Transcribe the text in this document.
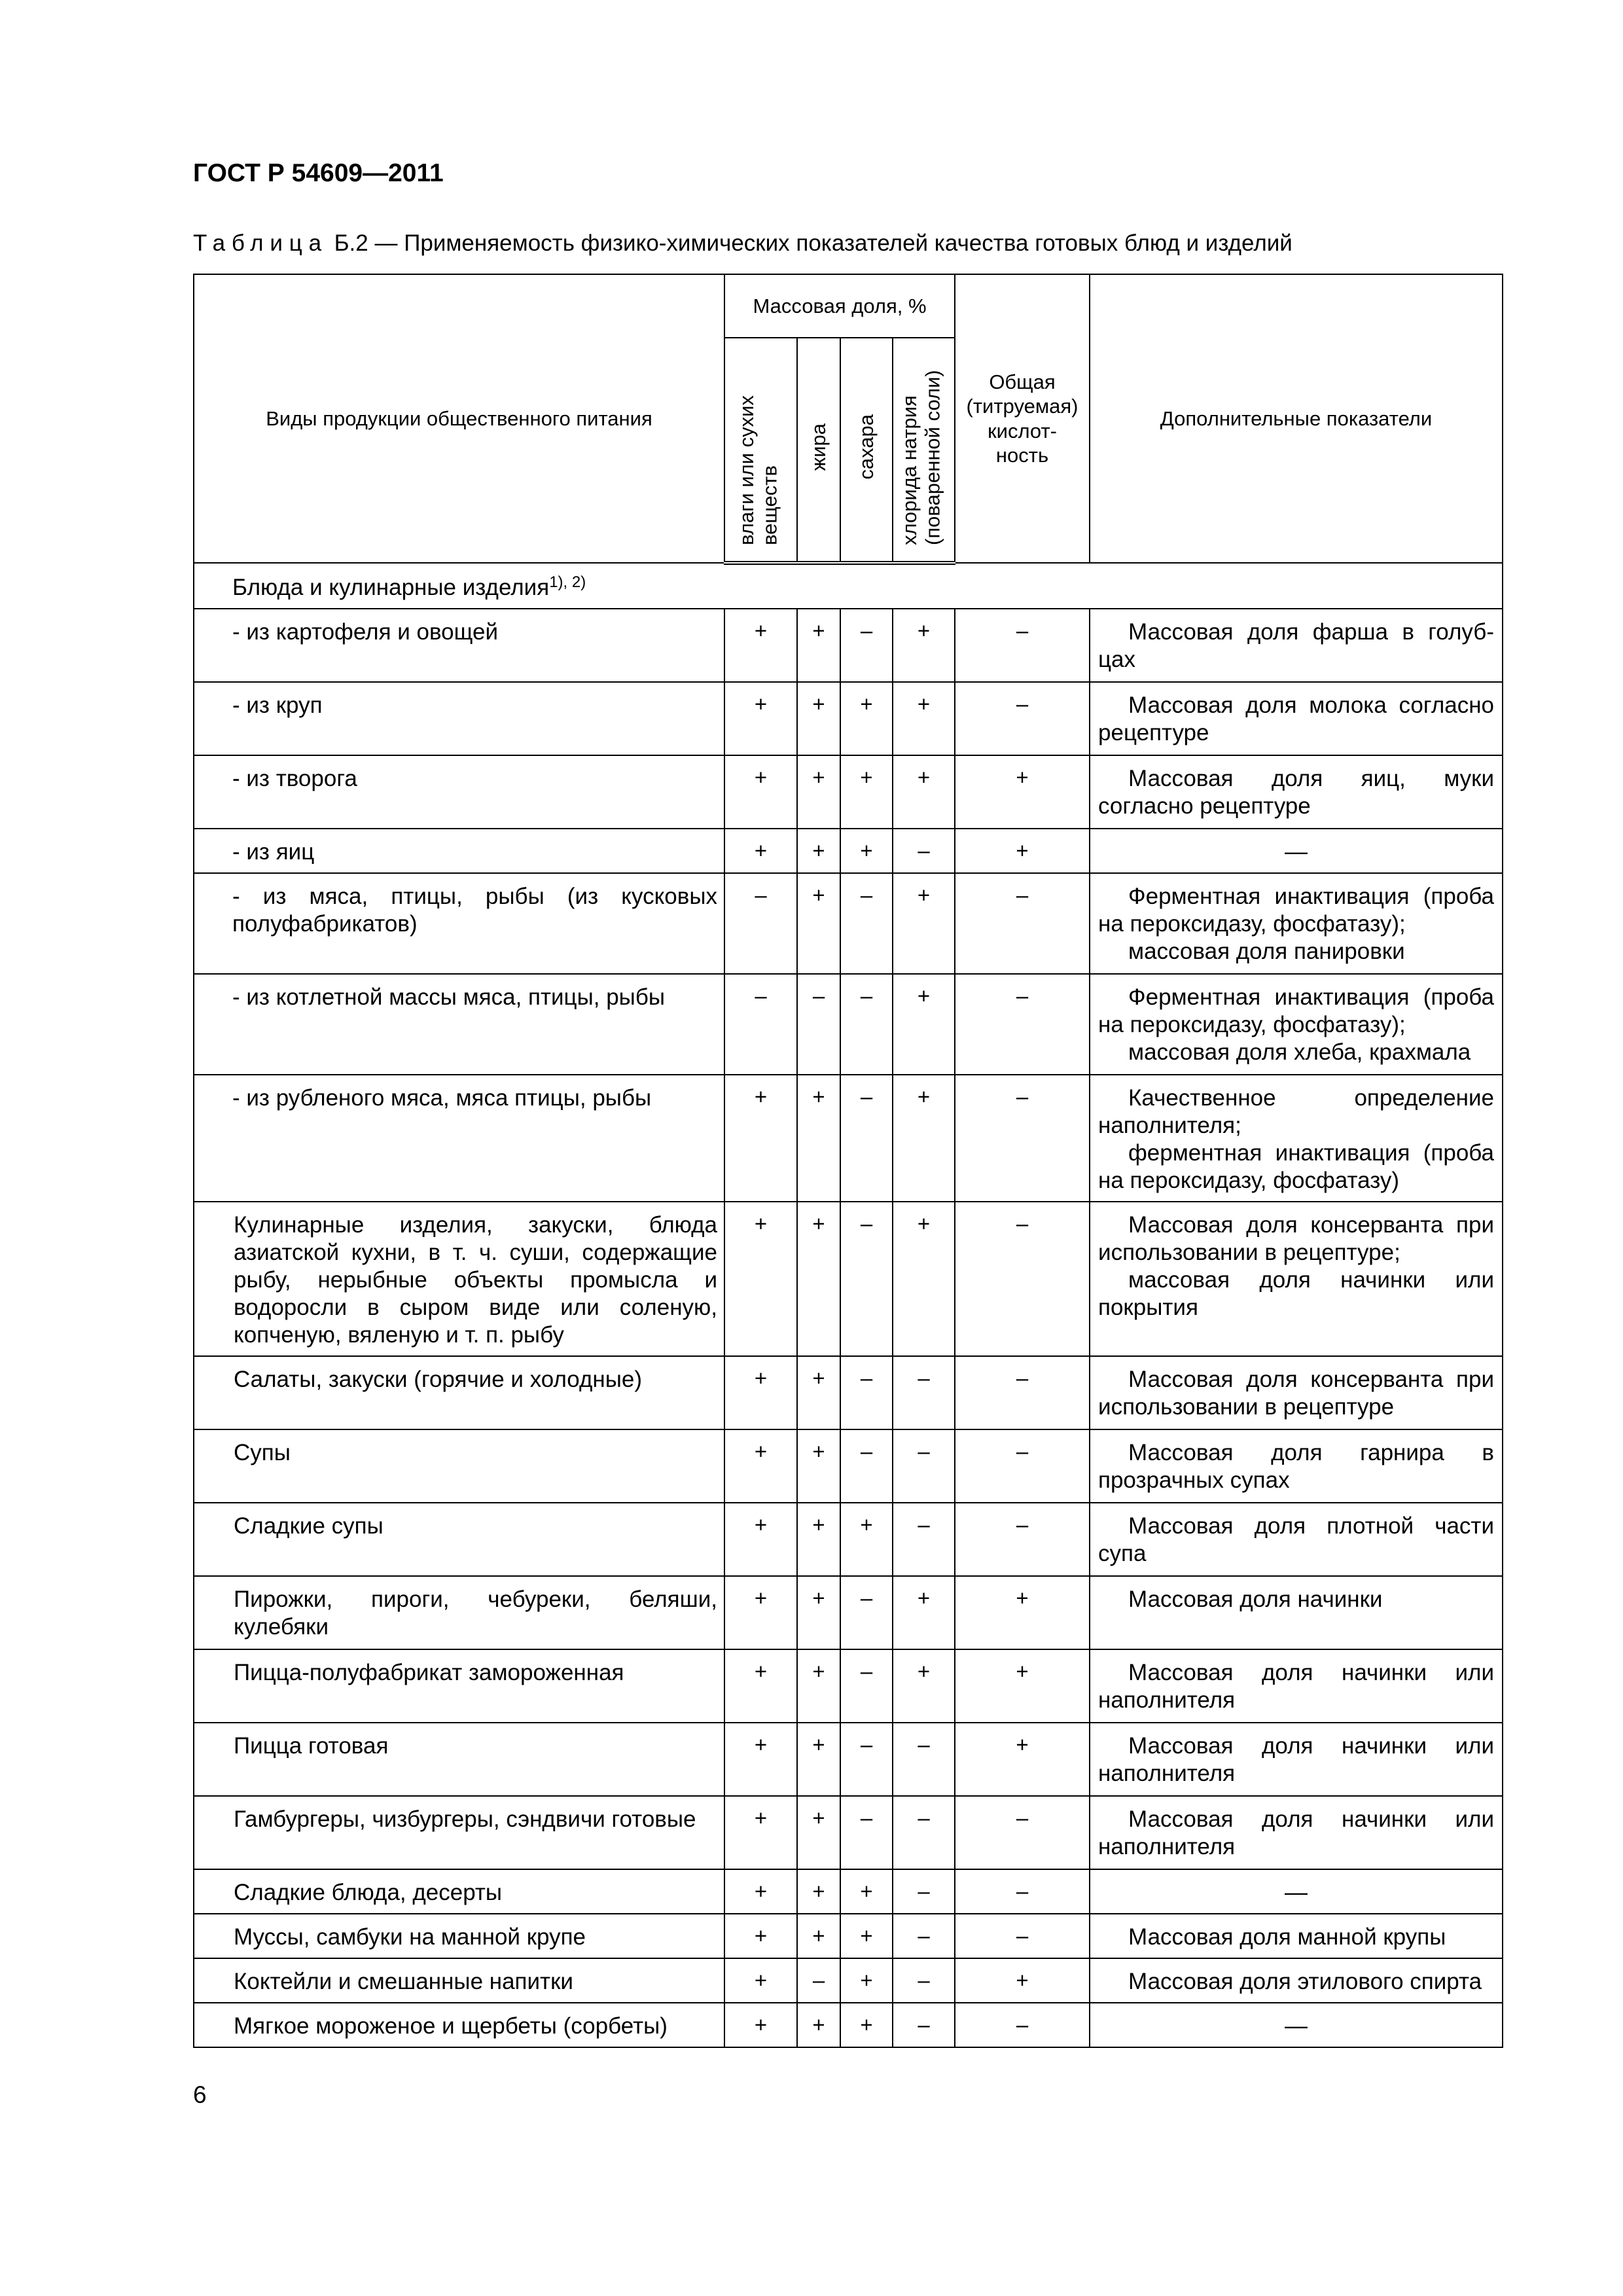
ГОСТ Р 54609—2011
Таблица Б.2 — Применяемость физико-химических показателей качества готовых блюд и изделий
Виды продукции общественного питания	Массовая доля, %				Общая (титруемая) кислот-ность	Дополнительные показатели
	влаги или сухих веществ	жира	сахара	хлорида натрия (поваренной соли)		
Блюда и кулинарные изделия$^{1), 2)}$
- из картофеля и овощей	+	+	–	+	–	Массовая доля фарша в голуб-цах

- из круп	+	+	+	+	–	Массовая доля молока согласно рецептуре

- из творога	+	+	+	+	+	Массовая доля яиц, муки согласно рецептуре

- из яиц	+	+	+	–	+	—

- из мяса, птицы, рыбы (из кусковых полуфабрикатов)	–	+	–	+	–	Ферментная инактивация (проба на пероксидазу, фосфатазу);
массовая доля панировки

- из котлетной массы мяса, птицы, рыбы	–	–	–	+	–	Ферментная инактивация (проба на пероксидазу, фосфатазу);
массовая доля хлеба, крахмала

- из рубленого мяса, мяса птицы, рыбы	+	+	–	+	–	Качественное определение наполнителя;
ферментная инактивация (проба на пероксидазу, фосфатазу)

Кулинарные изделия, закуски, блюда азиатской кухни, в т. ч. суши, содержащие рыбу, нерыбные объекты промысла и водоросли в сыром виде или соленую, копченую, вяленую и т. п. рыбу	+	+	–	+	–	Массовая доля консерванта при использовании в рецептуре;
массовая доля начинки или покрытия

Салаты, закуски (горячие и холодные)	+	+	–	–	–	Массовая доля консерванта при использовании в рецептуре

Супы	+	+	–	–	–	Массовая доля гарнира в прозрачных супах

Сладкие супы	+	+	+	–	–	Массовая доля плотной части супа

Пирожки, пироги, чебуреки, беляши, кулебяки	+	+	–	+	+	Массовая доля начинки

Пицца-полуфабрикат замороженная	+	+	–	+	+	Массовая доля начинки или наполнителя

Пицца готовая	+	+	–	–	+	Массовая доля начинки или наполнителя

Гамбургеры, чизбургеры, сэндвичи готовые	+	+	–	–	–	Массовая доля начинки или наполнителя

Сладкие блюда, десерты	+	+	+	–	–	—

Муссы, самбуки на манной крупе	+	+	+	–	–	Массовая доля манной крупы

Коктейли и смешанные напитки	+	–	+	–	+	Массовая доля этилового спирта

Мягкое мороженое и щербеты (сорбеты)	+	+	+	–	–	—
6
